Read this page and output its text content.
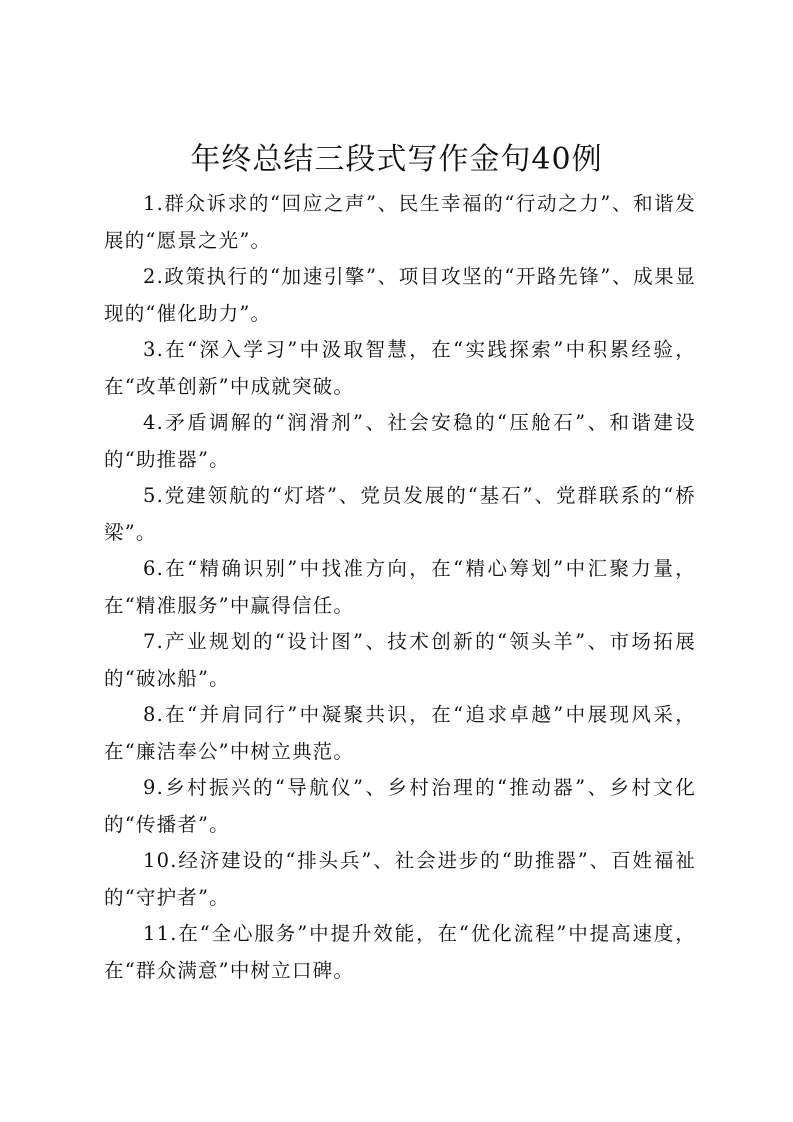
年终总结三段式写作金句40例

1.群众诉求的“回应之声”、民生幸福的“行动之力”、和谐发展的“愿景之光”。

2.政策执行的“加速引擎”、项目攻坚的“开路先锋”、成果显现的“催化助力”。

3.在“深入学习”中汲取智慧，在“实践探索”中积累经验，在“改革创新”中成就突破。

4.矛盾调解的“润滑剂”、社会安稳的“压舱石”、和谐建设的“助推器”。

5.党建领航的“灯塔”、党员发展的“基石”、党群联系的“桥梁”。

6.在“精确识别”中找准方向，在“精心筹划”中汇聚力量，在“精准服务”中赢得信任。

7.产业规划的“设计图”、技术创新的“领头羊”、市场拓展的“破冰船”。

8.在“并肩同行”中凝聚共识，在“追求卓越”中展现风采，在“廉洁奉公”中树立典范。

9.乡村振兴的“导航仪”、乡村治理的“推动器”、乡村文化的“传播者”。

10.经济建设的“排头兵”、社会进步的“助推器”、百姓福祉的“守护者”。

11.在“全心服务”中提升效能，在“优化流程”中提高速度，在“群众满意”中树立口碑。
